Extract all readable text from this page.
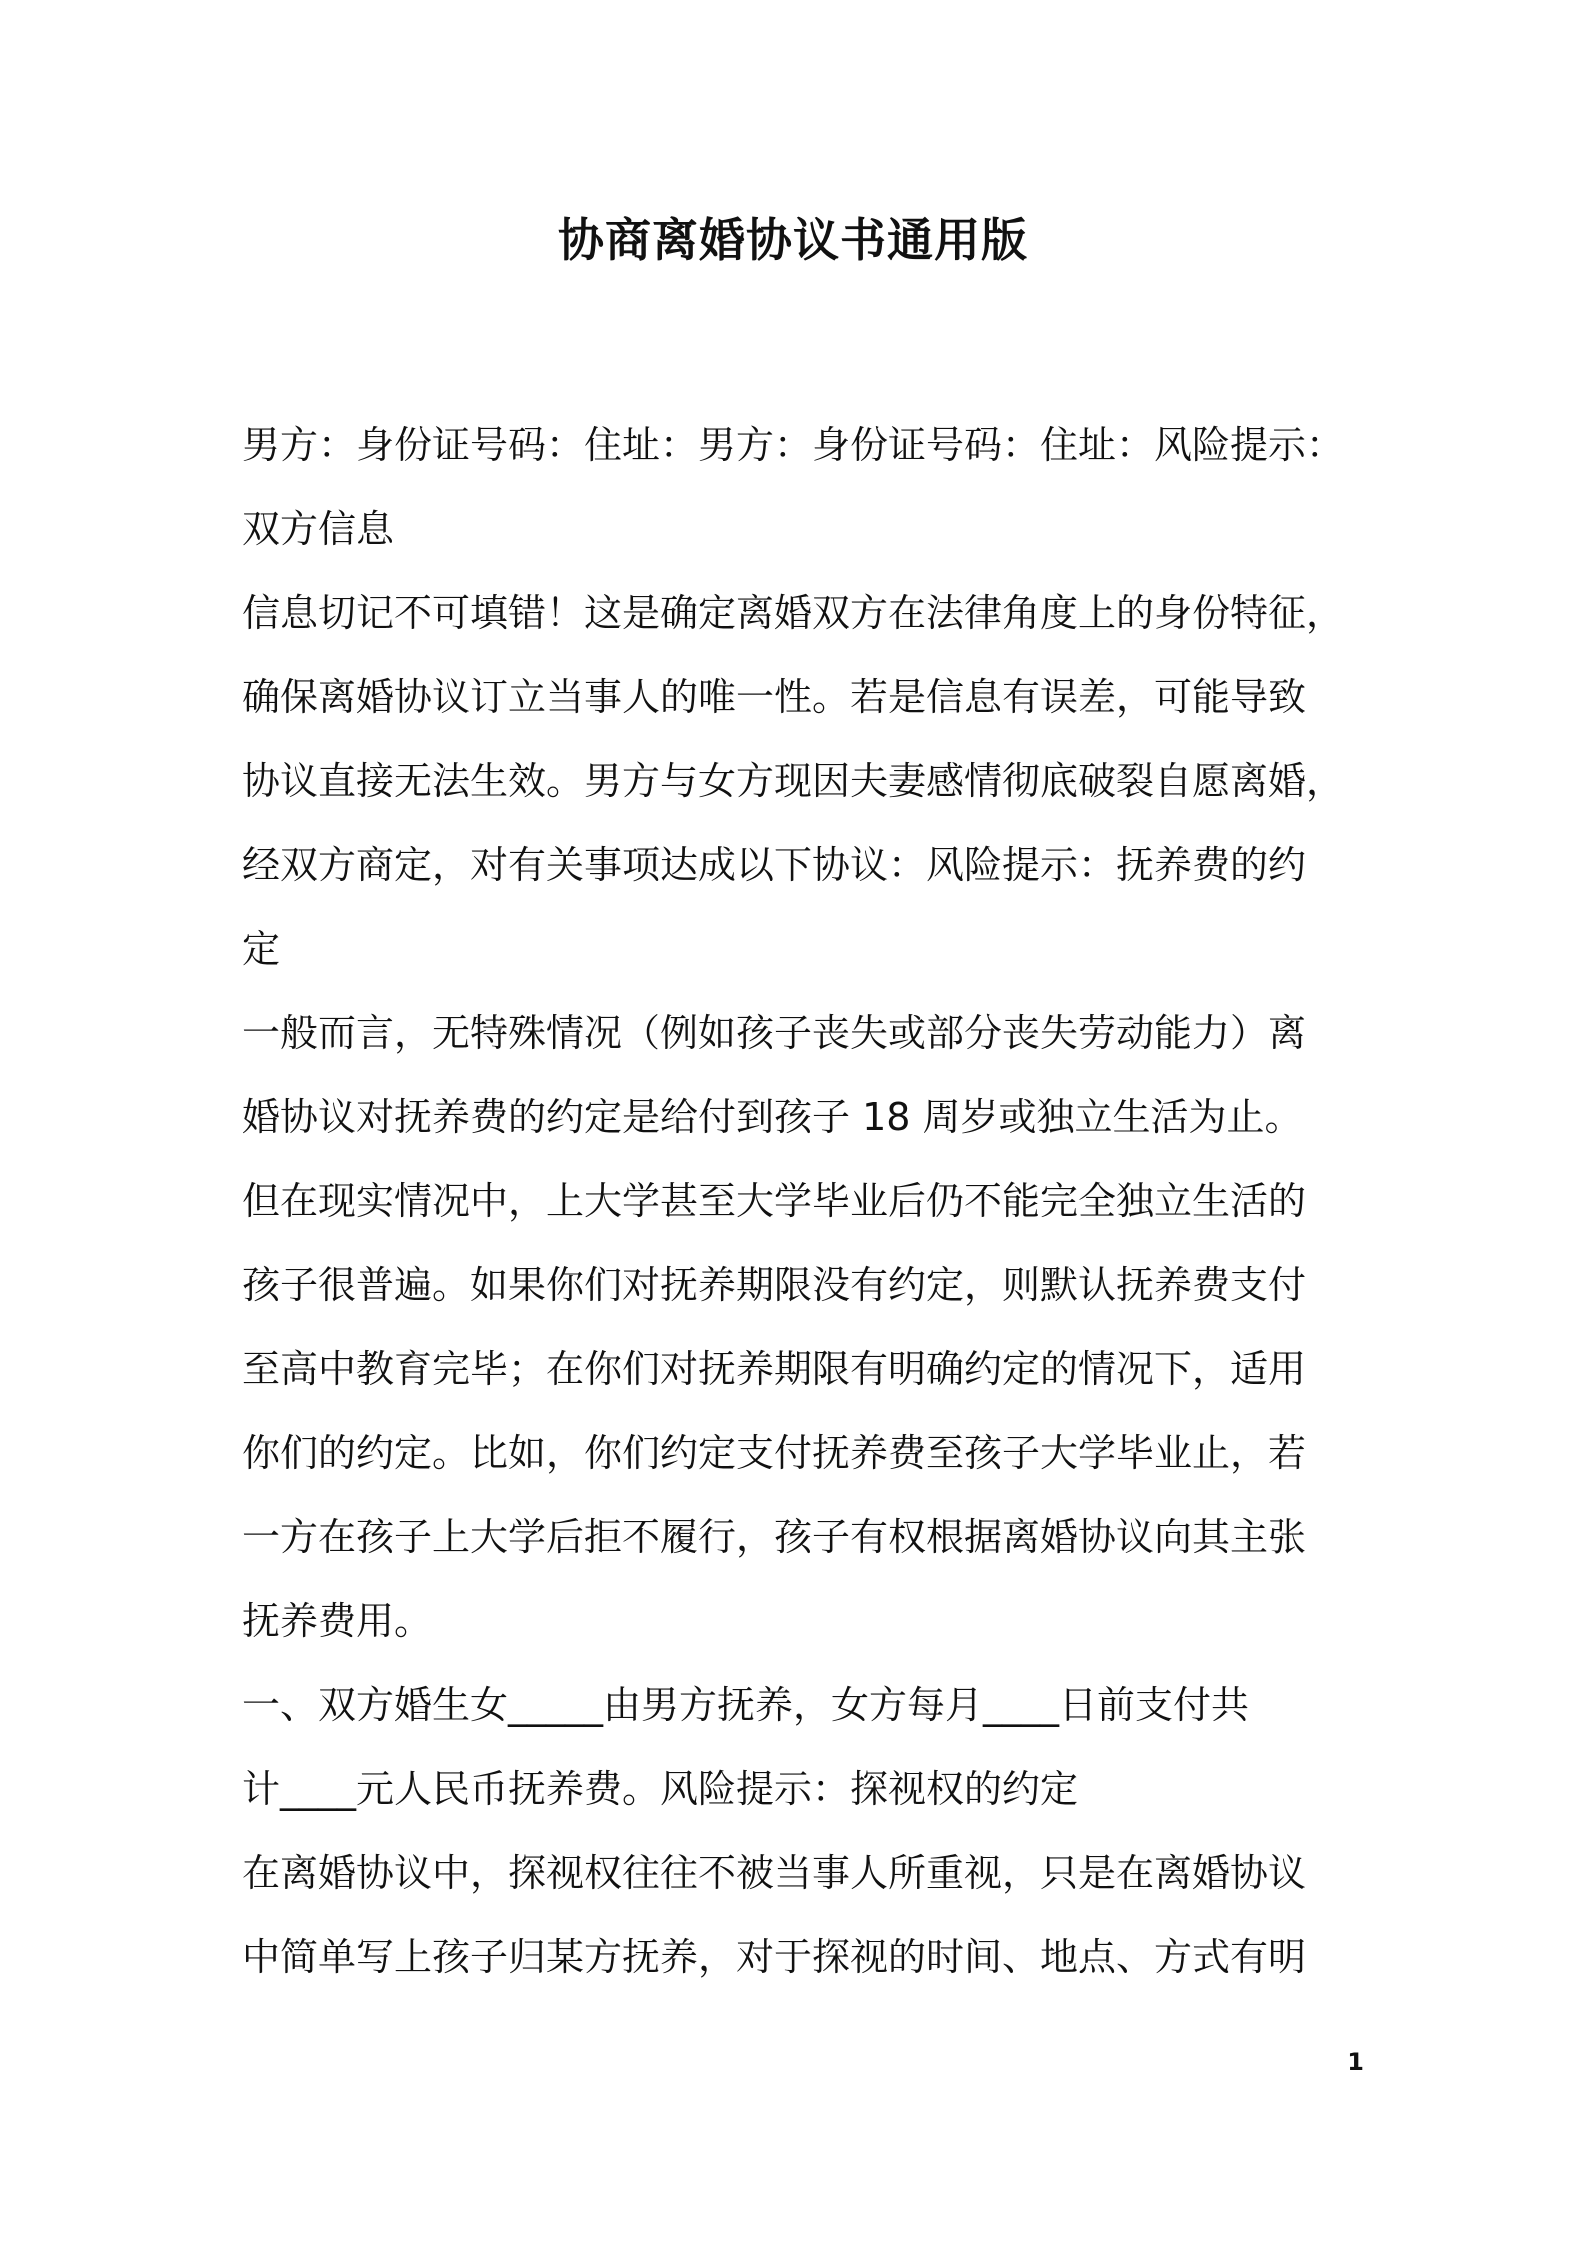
协商离婚协议书通用版
男方：身份证号码：住址：男方：身份证号码：住址：风险提示：
双方信息
信息切记不可填错！这是确定离婚双方在法律角度上的身份特征，
确保离婚协议订立当事人的唯一性。若是信息有误差，可能导致
协议直接无法生效。男方与女方现因夫妻感情彻底破裂自愿离婚，
经双方商定，对有关事项达成以下协议：风险提示：抚养费的约
定
一般而言，无特殊情况（例如孩子丧失或部分丧失劳动能力）离
婚协议对抚养费的约定是给付到孩子 18 周岁或独立生活为止。
但在现实情况中，上大学甚至大学毕业后仍不能完全独立生活的
孩子很普遍。如果你们对抚养期限没有约定，则默认抚养费支付
至高中教育完毕；在你们对抚养期限有明确约定的情况下，适用
你们的约定。比如，你们约定支付抚养费至孩子大学毕业止，若
一方在孩子上大学后拒不履行，孩子有权根据离婚协议向其主张
抚养费用。
一、双方婚生女_____由男方抚养，女方每月____日前支付共
计____元人民币抚养费。风险提示：探视权的约定
在离婚协议中，探视权往往不被当事人所重视，只是在离婚协议
中简单写上孩子归某方抚养，对于探视的时间、地点、方式有明
1
